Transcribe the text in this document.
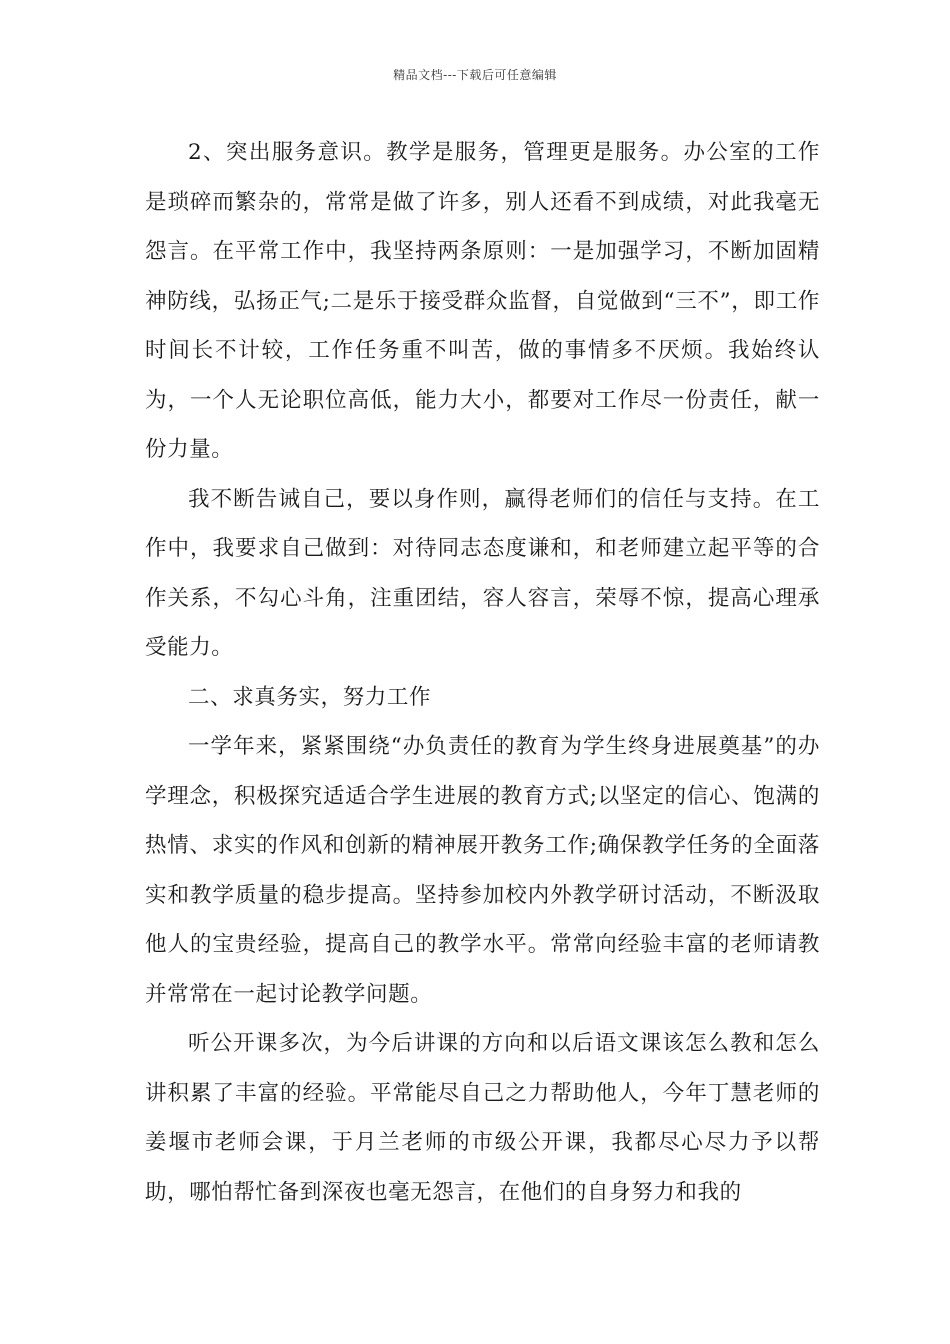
精品文档---下载后可任意编辑

2、突出服务意识。教学是服务，管理更是服务。办公室的工作是琐碎而繁杂的，常常是做了许多，别人还看不到成绩，对此我毫无怨言。在平常工作中，我坚持两条原则：一是加强学习，不断加固精神防线，弘扬正气;二是乐于接受群众监督，自觉做到“三不”，即工作时间长不计较，工作任务重不叫苦，做的事情多不厌烦。我始终认为，一个人无论职位高低，能力大小，都要对工作尽一份责任，献一份力量。

我不断告诫自己，要以身作则，赢得老师们的信任与支持。在工作中，我要求自己做到：对待同志态度谦和，和老师建立起平等的合作关系，不勾心斗角，注重团结，容人容言，荣辱不惊，提高心理承受能力。

二、求真务实，努力工作

一学年来，紧紧围绕“办负责任的教育为学生终身进展奠基”的办学理念，积极探究适适合学生进展的教育方式;以坚定的信心、饱满的热情、求实的作风和创新的精神展开教务工作;确保教学任务的全面落实和教学质量的稳步提高。坚持参加校内外教学研讨活动，不断汲取他人的宝贵经验，提高自己的教学水平。常常向经验丰富的老师请教并常常在一起讨论教学问题。

听公开课多次，为今后讲课的方向和以后语文课该怎么教和怎么讲积累了丰富的经验。平常能尽自己之力帮助他人，今年丁慧老师的姜堰市老师会课，于月兰老师的市级公开课，我都尽心尽力予以帮助，哪怕帮忙备到深夜也毫无怨言，在他们的自身努力和我的
